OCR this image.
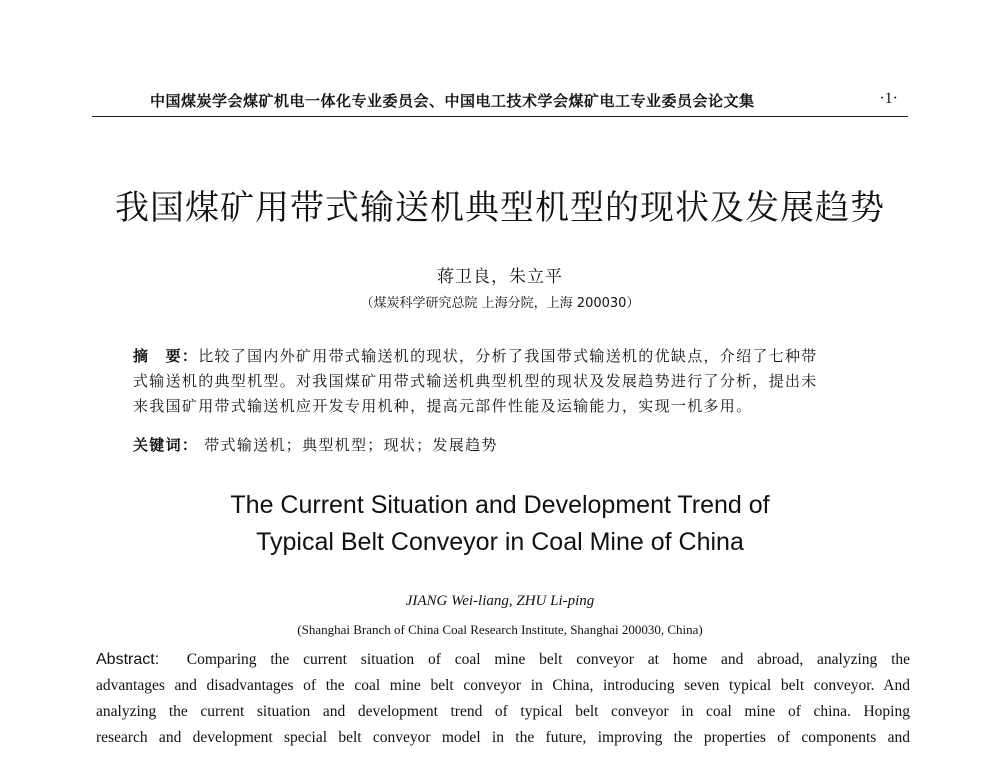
中国煤炭学会煤矿机电一体化专业委员会、中国电工技术学会煤矿电工专业委员会论文集	·1·
我国煤矿用带式输送机典型机型的现状及发展趋势
蒋卫良，朱立平
（煤炭科学研究总院 上海分院，上海 200030）
摘　要：比较了国内外矿用带式输送机的现状，分析了我国带式输送机的优缺点，介绍了七种带
式输送机的典型机型。对我国煤矿用带式输送机典型机型的现状及发展趋势进行了分析，提出未
来我国矿用带式输送机应开发专用机种，提高元部件性能及运输能力，实现一机多用。
关键词： 带式输送机；典型机型；现状；发展趋势
The Current Situation and Development Trend of
Typical Belt Conveyor in Coal Mine of China
JIANG Wei-liang, ZHU Li-ping
(Shanghai Branch of China Coal Research Institute, Shanghai 200030, China)
Abstract: Comparing the current situation of coal mine belt conveyor at home and abroad, analyzing the
advantages and disadvantages of the coal mine belt conveyor in China, introducing seven typical belt conveyor. And
analyzing the current situation and development trend of typical belt conveyor in coal mine of china. Hoping
research and development special belt conveyor model in the future, improving the properties of components and
